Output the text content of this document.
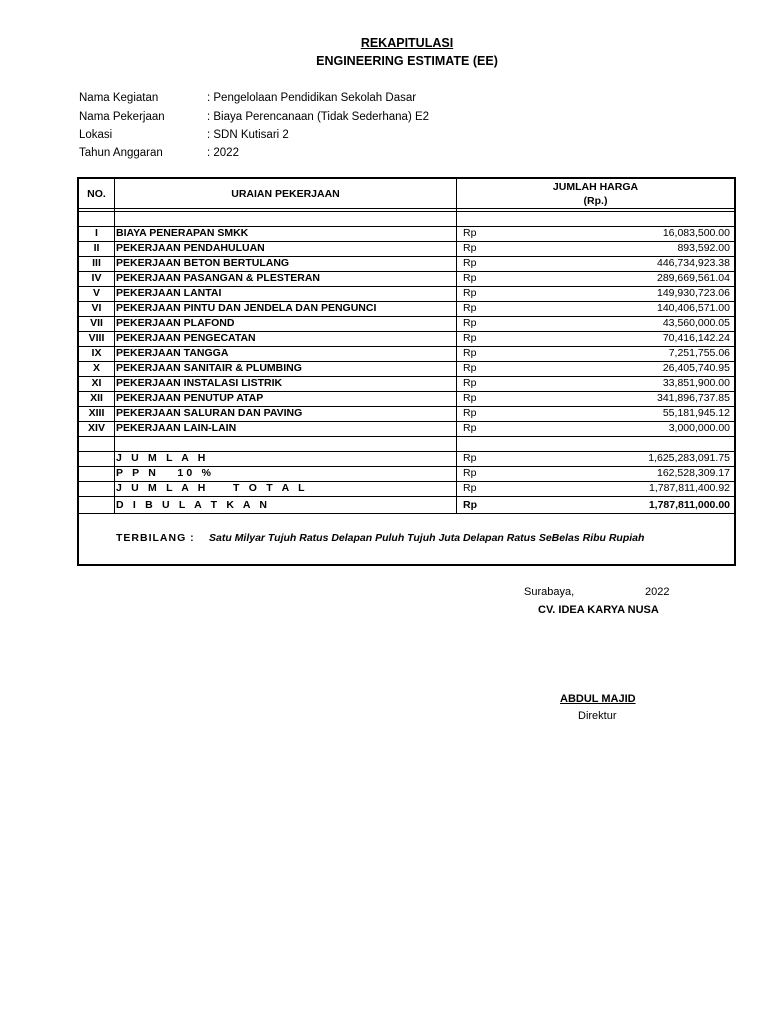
REKAPITULASI
ENGINEERING ESTIMATE (EE)
Nama Kegiatan	: Pengelolaan Pendidikan Sekolah Dasar
Nama Pekerjaan	: Biaya Perencanaan (Tidak Sederhana) E2
Lokasi	: SDN Kutisari 2
Tahun Anggaran	: 2022
NO.	URAIAN PEKERJAAN
JUMLAH HARGA
(Rp.)
I	BIAYA PENERAPAN SMKK	Rp	16,083,500.00
II	PEKERJAAN PENDAHULUAN	Rp	893,592.00
III	PEKERJAAN BETON BERTULANG	Rp	446,734,923.38
IV	PEKERJAAN PASANGAN & PLESTERAN	Rp	289,669,561.04
V	PEKERJAAN LANTAI	Rp	149,930,723.06
VI	PEKERJAAN PINTU DAN JENDELA DAN PENGUNCI	Rp	140,406,571.00
VII	PEKERJAAN PLAFOND	Rp	43,560,000.05
VIII	PEKERJAAN PENGECATAN	Rp	70,416,142.24
IX	PEKERJAAN TANGGA	Rp	7,251,755.06
X	PEKERJAAN SANITAIR & PLUMBING	Rp	26,405,740.95
XI	PEKERJAAN INSTALASI LISTRIK	Rp	33,851,900.00
XII	PEKERJAAN PENUTUP ATAP	Rp	341,896,737.85
XIII	PEKERJAAN SALURAN DAN PAVING	Rp	55,181,945.12
XIV	PEKERJAAN LAIN-LAIN	Rp	3,000,000.00
J U M L A H	Rp	1,625,283,091.75
P P N   10 %	Rp	162,528,309.17
J U M L A H    T O T A L	Rp	1,787,811,400.92
D I B U L A T K A N	Rp	1,787,811,000.00
TERBILANG : Satu Milyar Tujuh Ratus Delapan Puluh Tujuh Juta Delapan Ratus SeBelas Ribu Rupiah
Surabaya,	2022
CV. IDEA KARYA NUSA
ABDUL MAJID
Direktur
